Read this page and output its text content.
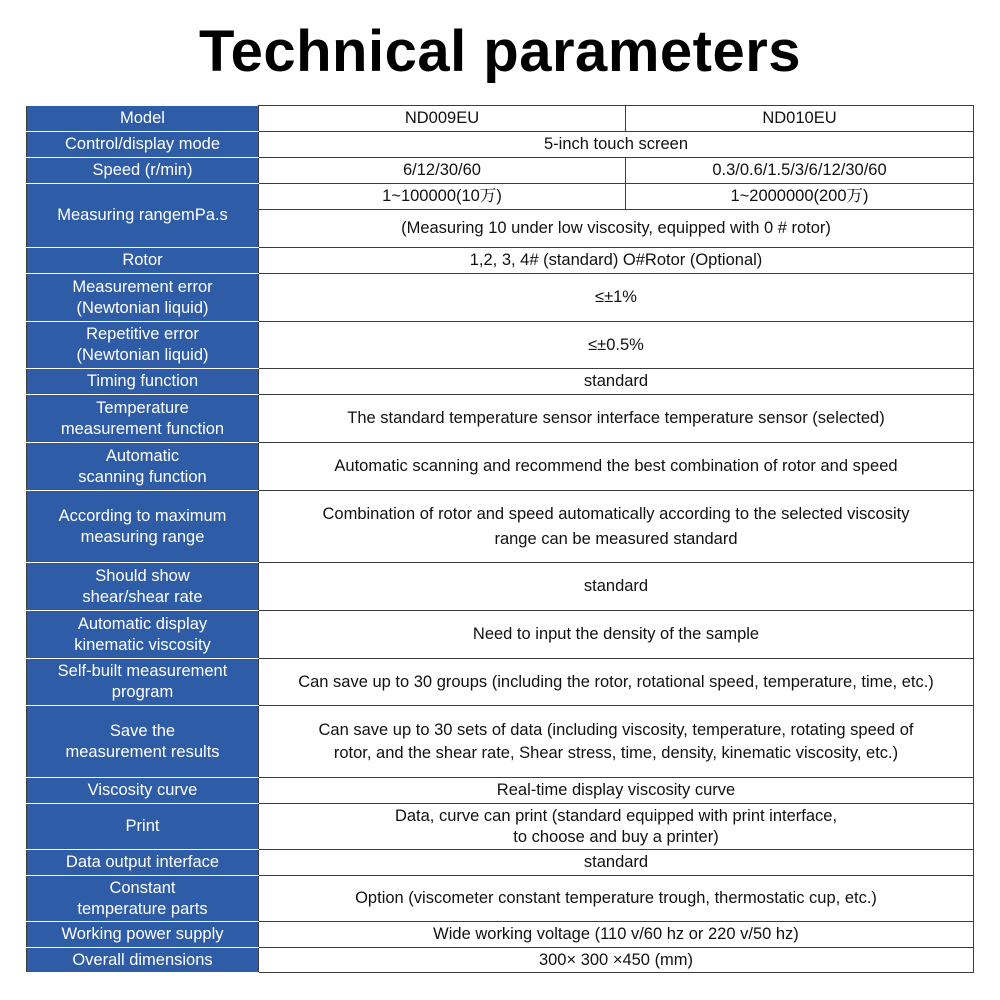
Technical parameters
Model	ND009EU	ND010EU
Control/display mode	5-inch touch screen	
Speed (r/min)	6/12/30/60	0.3/0.6/1.5/3/6/12/30/60
Measuring rangemPa.s	1~100000(10万)	1~2000000(200万)
	(Measuring 10 under low viscosity, equipped with 0 # rotor)	
Rotor	1,2, 3, 4# (standard) O#Rotor (Optional)	

Measurement error
(Newtonian liquid)	≤±1%	

Repetitive error
(Newtonian liquid)	≤±0.5%	
Timing function	standard	

Temperature
measurement function	The standard temperature sensor interface temperature sensor (selected)	

Automatic
scanning function	Automatic scanning and recommend the best combination of rotor and speed	

According to maximum
measuring range	Combination of rotor and speed automatically according to the selected viscosity
range can be measured standard	

Should show
shear/shear rate	standard	

Automatic display
kinematic viscosity	Need to input the density of the sample	

Self-built measurement
program	Can save up to 30 groups (including the rotor, rotational speed, temperature, time, etc.)	

Save the
measurement results	Can save up to 30 sets of data (including viscosity, temperature, rotating speed of
rotor, and the shear rate, Shear stress, time, density, kinematic viscosity, etc.)	

Viscosity curve	Real-time display viscosity curve	
Print	Data, curve can print (standard equipped with print interface,
to choose and buy a printer)	

Data output interface	standard	

Constant
temperature parts	Option (viscometer constant temperature trough, thermostatic cup, etc.)	
Working power supply	Wide working voltage (110 v/60 hz or 220 v/50 hz)	
Overall dimensions	300× 300 ×450 (mm)	
